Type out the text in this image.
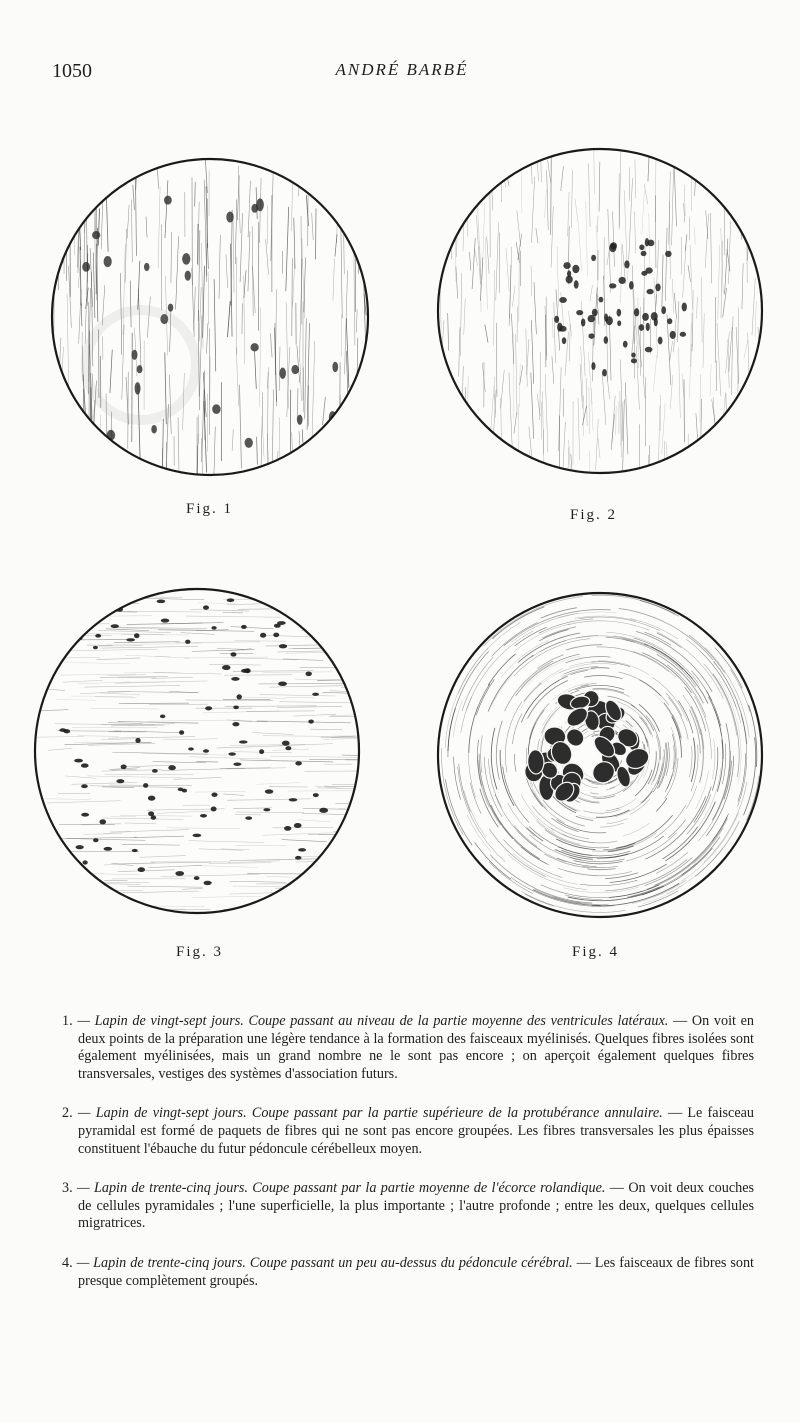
1050	ANDRÉ BARBÉ
Fig. 1	Fig. 2
Fig. 3	Fig. 4

1. — Lapin de vingt-sept jours. Coupe passant au niveau de la partie moyenne des ventricules latéraux. — On voit en deux points de la préparation une légère tendance à la formation des faisceaux myélinisés. Quelques fibres isolées sont également myélinisées, mais un grand nombre ne le sont pas encore ; on aperçoit également quelques fibres transversales, vestiges des systèmes d'association futurs.

2. — Lapin de vingt-sept jours. Coupe passant par la partie supérieure de la protubérance annulaire. — Le faisceau pyramidal est formé de paquets de fibres qui ne sont pas encore groupées. Les fibres transversales les plus épaisses constituent l'ébauche du futur pédoncule cérébelleux moyen.

3. — Lapin de trente-cinq jours. Coupe passant par la partie moyenne de l'écorce rolandique. — On voit deux couches de cellules pyramidales ; l'une superficielle, la plus importante ; l'autre profonde ; entre les deux, quelques cellules migratrices.

4. — Lapin de trente-cinq jours. Coupe passant un peu au-dessus du pédoncule cérébral. — Les faisceaux de fibres sont presque complètement groupés.
